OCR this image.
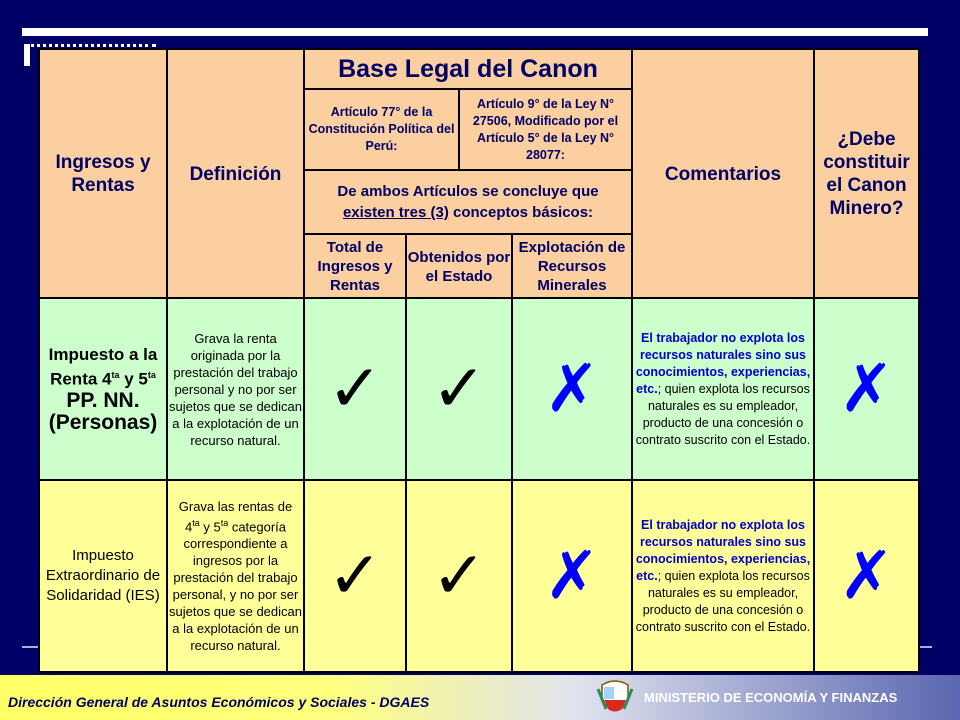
Ingresos y Rentas
Definición
Base Legal del Canon
Artículo 77° de la Constitución Política del Perú:
Artículo 9° de la Ley N° 27506, Modificado por el Artículo 5° de la Ley N° 28077:
De ambos Artículos se concluye que
existen tres (3) conceptos básicos:
Total de Ingresos y Rentas
Obtenidos por el Estado
Explotación de Recursos Minerales
Comentarios
¿Debe constituir el Canon Minero?
Impuesto a la
Renta $4^{ta}$ y $5^{ta}$
PP. NN.
(Personas)
Grava la renta originada por la prestación del trabajo personal y no por ser sujetos que se dedican a la explotación de un recurso natural.
✓ ✓ ✗
El trabajador no explota los recursos naturales sino sus conocimientos, experiencias, etc.; quien explota los recursos naturales es su empleador, producto de una concesión o contrato suscrito con el Estado.
✗
Impuesto Extraordinario de Solidaridad (IES)
Grava las rentas de
$4^{ta}$ y $5^{ta}$ categoría
correspondiente a ingresos por la prestación del trabajo personal, y no por ser sujetos que se dedican a la explotación de un recurso natural.
✓ ✓ ✗
El trabajador no explota los recursos naturales sino sus conocimientos, experiencias, etc.; quien explota los recursos naturales es su empleador, producto de una concesión o contrato suscrito con el Estado.
✗
Dirección General de Asuntos Económicos y Sociales - DGAES	MINISTERIO DE ECONOMÍA Y FINANZAS
